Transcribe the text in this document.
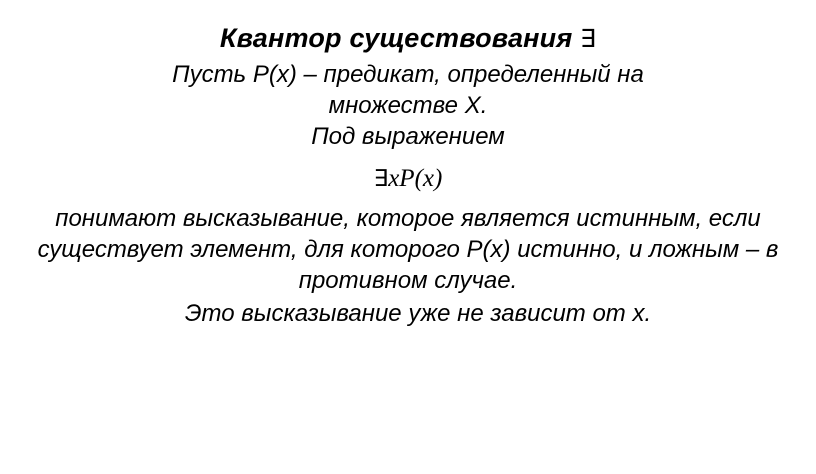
Квантор существования ∃

Пусть P(x) – предикат, определенный на

множестве X.

Под выражением

∃xP(x)

понимают высказывание, которое является истинным, если существует элемент, для которого P(x) истинно, и ложным – в противном случае.

Это высказывание уже не зависит от x.
